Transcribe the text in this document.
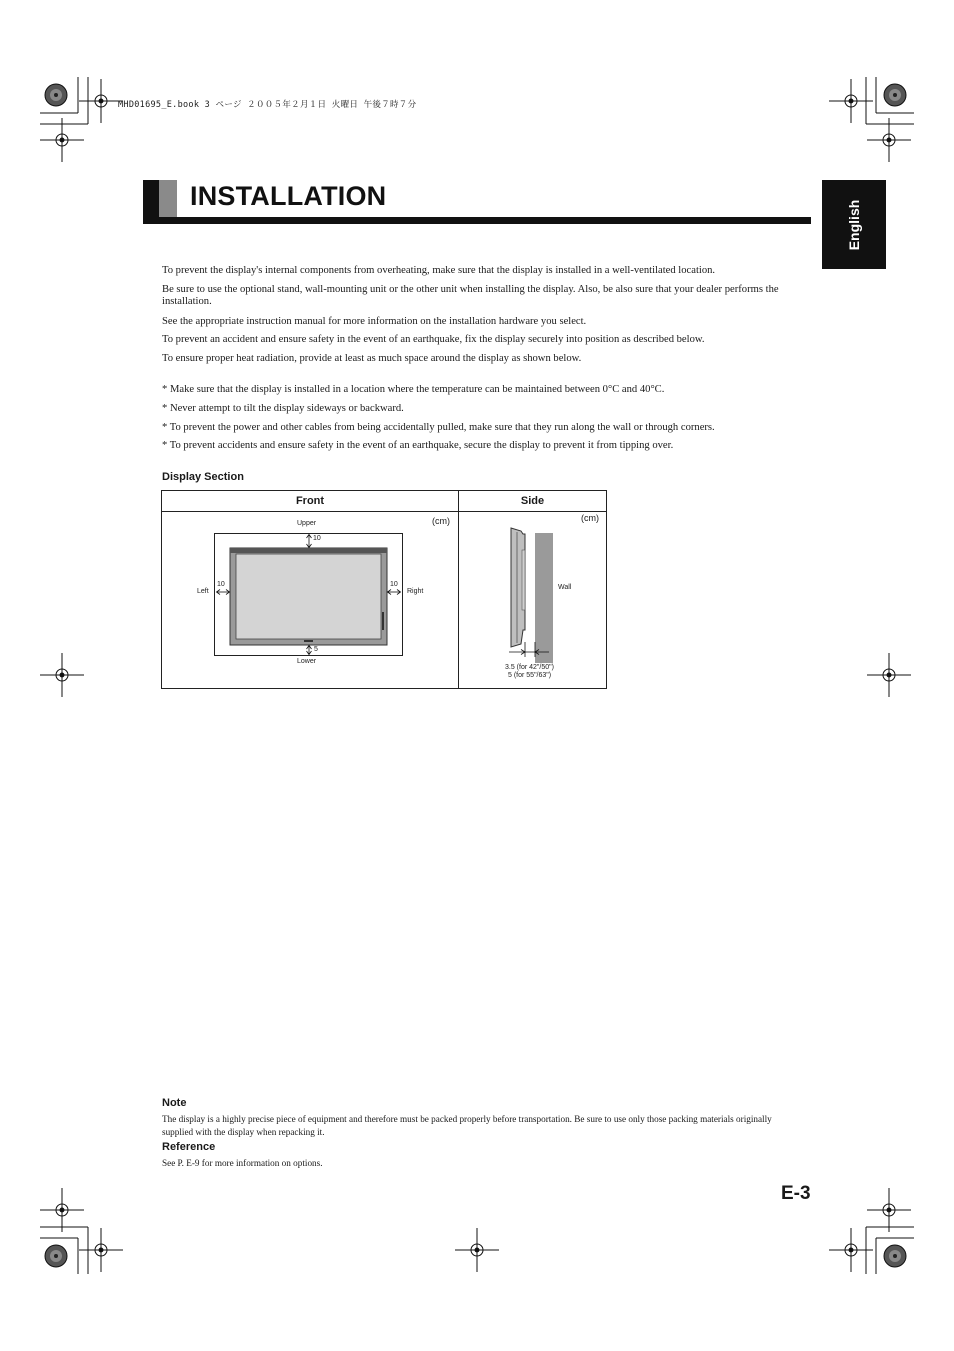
MHD01695_E.book 3 ページ ２００５年２月１日 火曜日 午後７時７分
INSTALLATION
English
To prevent the display's internal components from overheating, make sure that the display is installed in a well-ventilated location.
Be sure to use the optional stand, wall-mounting unit or the other unit when installing the display. Also, be also sure that your dealer performs the installation.
See the appropriate instruction manual for more information on the installation hardware you select.
To prevent an accident and ensure safety in the event of an earthquake, fix the display securely into position as described below.
To ensure proper heat radiation, provide at least as much space around the display as shown below.
* Make sure that the display is installed in a location where the temperature can be maintained between 0°C and 40°C.
* Never attempt to tilt the display sideways or backward.
* To prevent the power and other cables from being accidentally pulled, make sure that they run along the wall or through corners.
* To prevent accidents and ensure safety in the event of an earthquake, secure the display to prevent it from tipping over.
Display Section
Front	Side
(cm)
Upper
10
Left
10	10
Right
5
Lower
(cm)
Wall
3.5 (for 42"/50")
5 (for 55"/63")
Note
The display is a highly precise piece of equipment and therefore must be packed properly before transportation. Be sure to use only those packing materials originally supplied with the display when repacking it.
Reference
See P. E-9 for more information on options.
E-3
